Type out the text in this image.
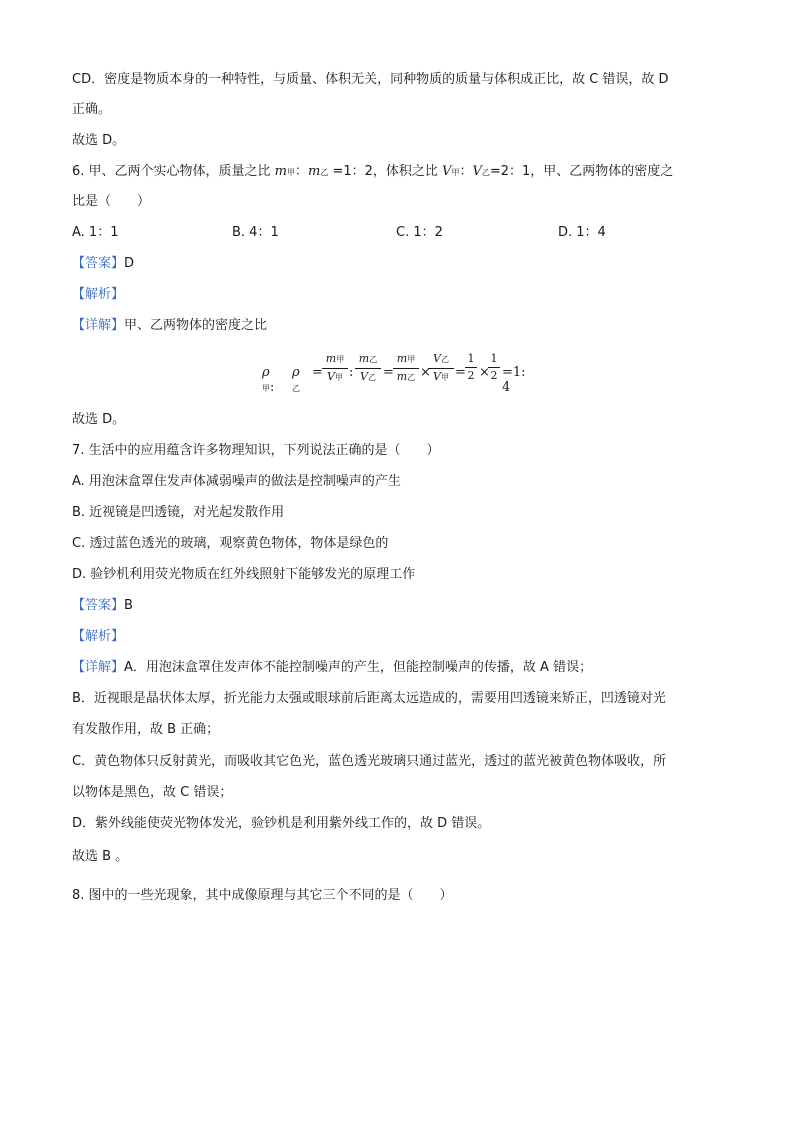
CD．密度是物质本身的一种特性，与质量、体积无关，同种物质的质量与体积成正比，故 C 错误，故 D
正确。
故选 D。
6. 甲、乙两个实心物体，质量之比 m甲：m乙 =1：2，体积之比 V甲：V乙=2：1，甲、乙两物体的密度之
比是（　　）
A. 1：1	B. 4：1	C. 1：2	D. 1：4
【答案】D
【解析】
【详解】甲、乙两物体的密度之比
ρ甲:
ρ乙
=
m甲
V甲 :
m乙
V乙 =
m甲
m乙 ×
V乙
V甲 =
1
2 ×
1
2 =1: 4
故选 D。
7. 生活中的应用蕴含许多物理知识，下列说法正确的是（　　）
A. 用泡沫盒罩住发声体减弱噪声的做法是控制噪声的产生
B. 近视镜是凹透镜，对光起发散作用
C. 透过蓝色透光的玻璃，观察黄色物体，物体是绿色的
D. 验钞机利用荧光物质在红外线照射下能够发光的原理工作
【答案】B
【解析】
【详解】A．用泡沫盒罩住发声体不能控制噪声的产生，但能控制噪声的传播，故 A 错误；
B．近视眼是晶状体太厚，折光能力太强或眼球前后距离太远造成的，需要用凹透镜来矫正，凹透镜对光
有发散作用，故 B 正确；
C．黄色物体只反射黄光，而吸收其它色光，蓝色透光玻璃只通过蓝光，透过的蓝光被黄色物体吸收，所
以物体是黑色，故 C 错误；
D．紫外线能使荧光物体发光，验钞机是利用紫外线工作的，故 D 错误。
故选 B 。
8. 图中的一些光现象，其中成像原理与其它三个不同的是（　　）
